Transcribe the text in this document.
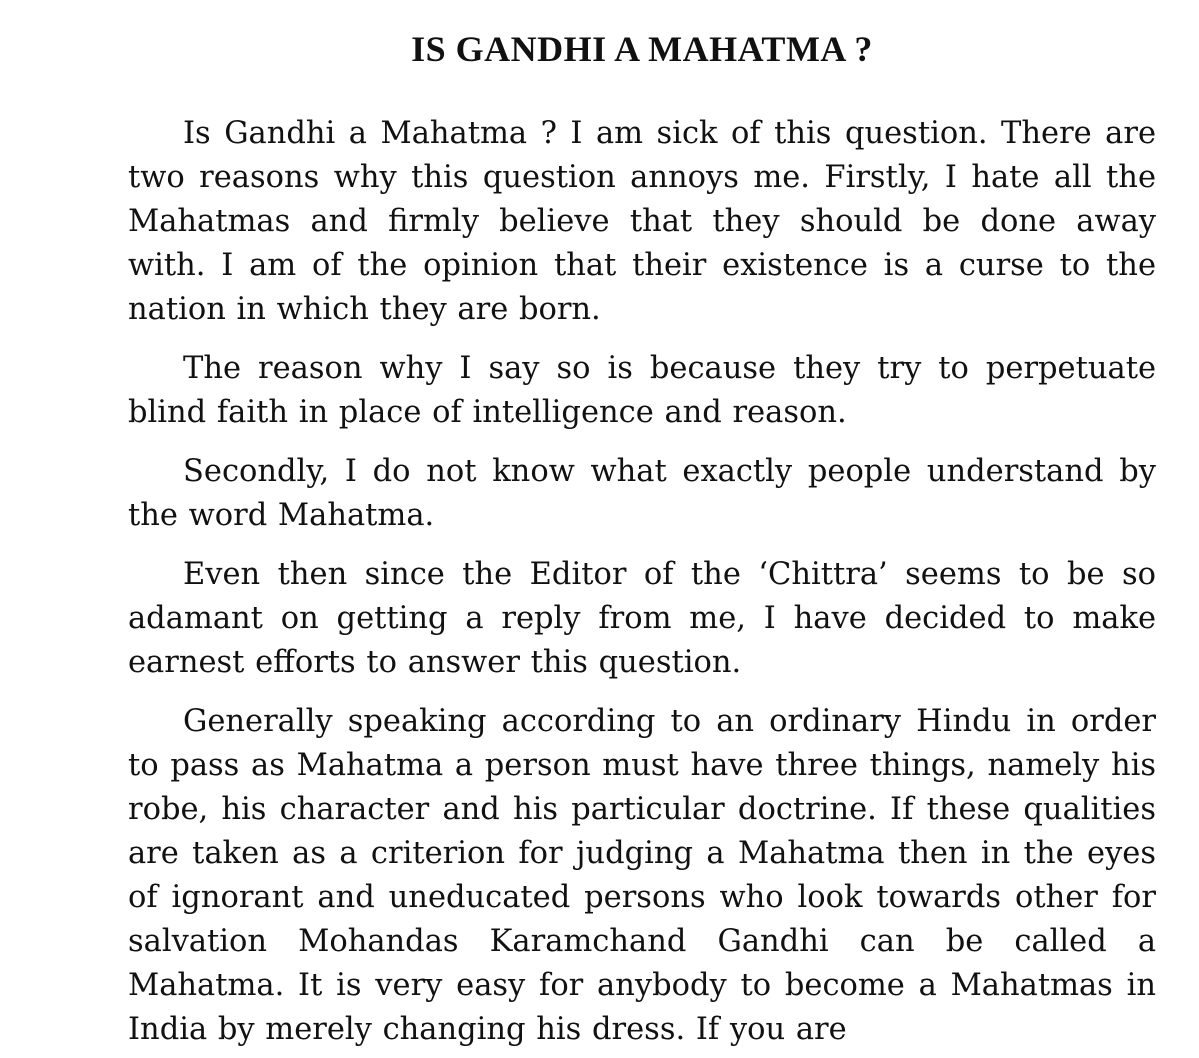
IS GANDHI A MAHATMA ?

Is Gandhi a Mahatma ? I am sick of this question. There are two reasons why this question annoys me. Firstly, I hate all the Mahatmas and firmly believe that they should be done away with. I am of the opinion that their existence is a curse to the nation in which they are born.

The reason why I say so is because they try to perpetuate blind faith in place of intelligence and reason.

Secondly, I do not know what exactly people understand by the word Mahatma.

Even then since the Editor of the ‘Chittra’ seems to be so adamant on getting a reply from me, I have decided to make earnest efforts to answer this question.

Generally speaking according to an ordinary Hindu in order to pass as Mahatma a person must have three things, namely his robe, his character and his particular doctrine. If these qualities are taken as a criterion for judging a Mahatma then in the eyes of ignorant and uneducated persons who look towards other for salvation Mohandas Karamchand Gandhi can be called a Mahatma. It is very easy for anybody to become a Mahatmas in India by merely changing his dress. If you are
